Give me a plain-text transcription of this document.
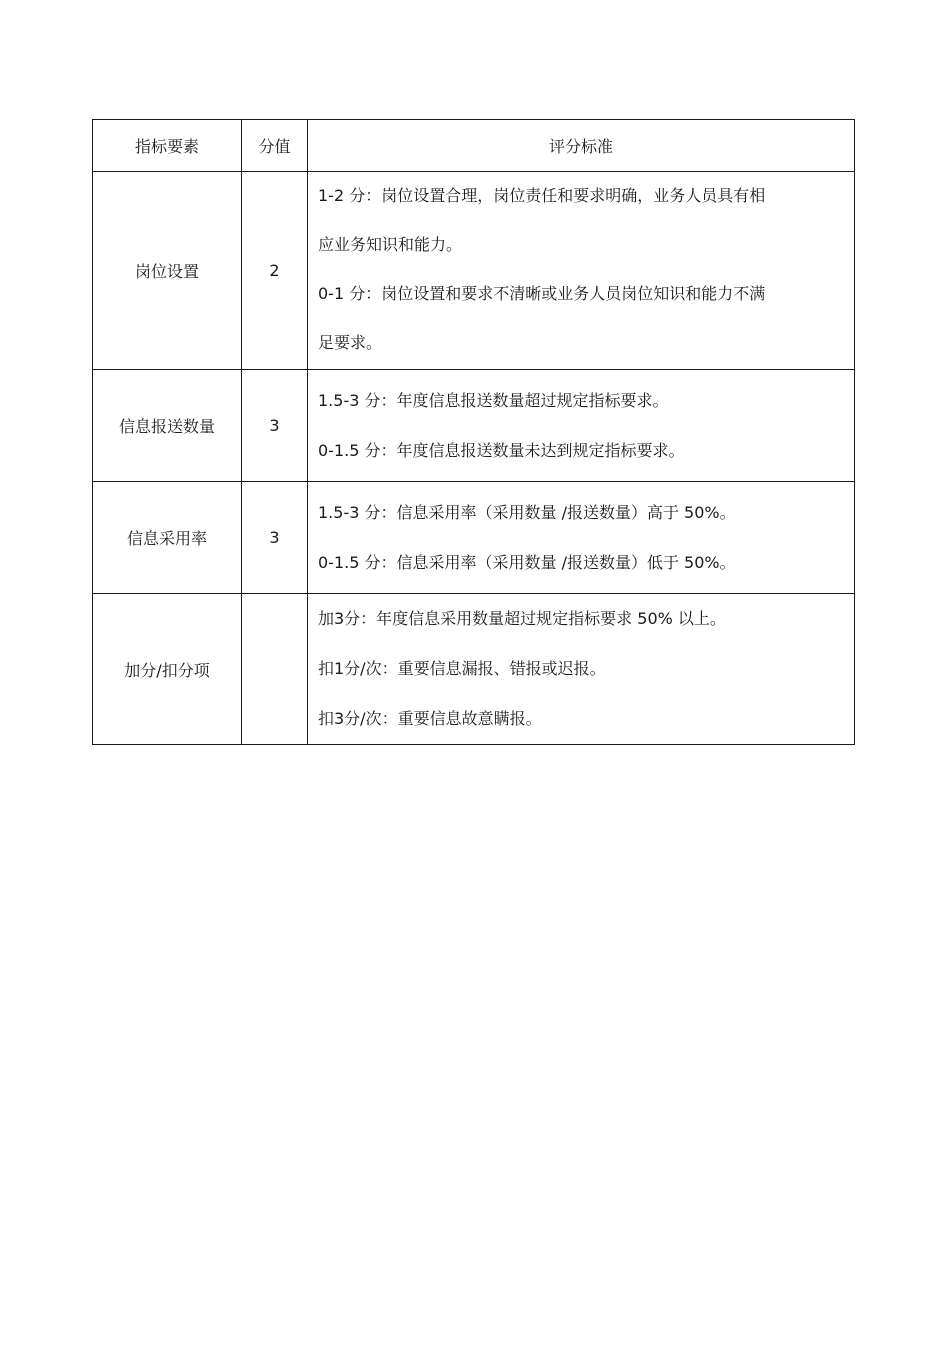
指标要素	分值	评分标准
岗位设置	2	1-2 分：岗位设置合理，岗位责任和要求明确，业务人员具有相
应业务知识和能力。
0-1 分：岗位设置和要求不清晰或业务人员岗位知识和能力不满
足要求。

信息报送数量	3	1.5-3 分：年度信息报送数量超过规定指标要求。
0-1.5 分：年度信息报送数量未达到规定指标要求。

信息采用率	3	1.5-3 分：信息采用率（采用数量 /报送数量）高于 50%。
0-1.5 分：信息采用率（采用数量 /报送数量）低于 50%。

加分/扣分项		加3分：年度信息采用数量超过规定指标要求 50% 以上。
扣1分/次：重要信息漏报、错报或迟报。
扣3分/次：重要信息故意瞒报。
